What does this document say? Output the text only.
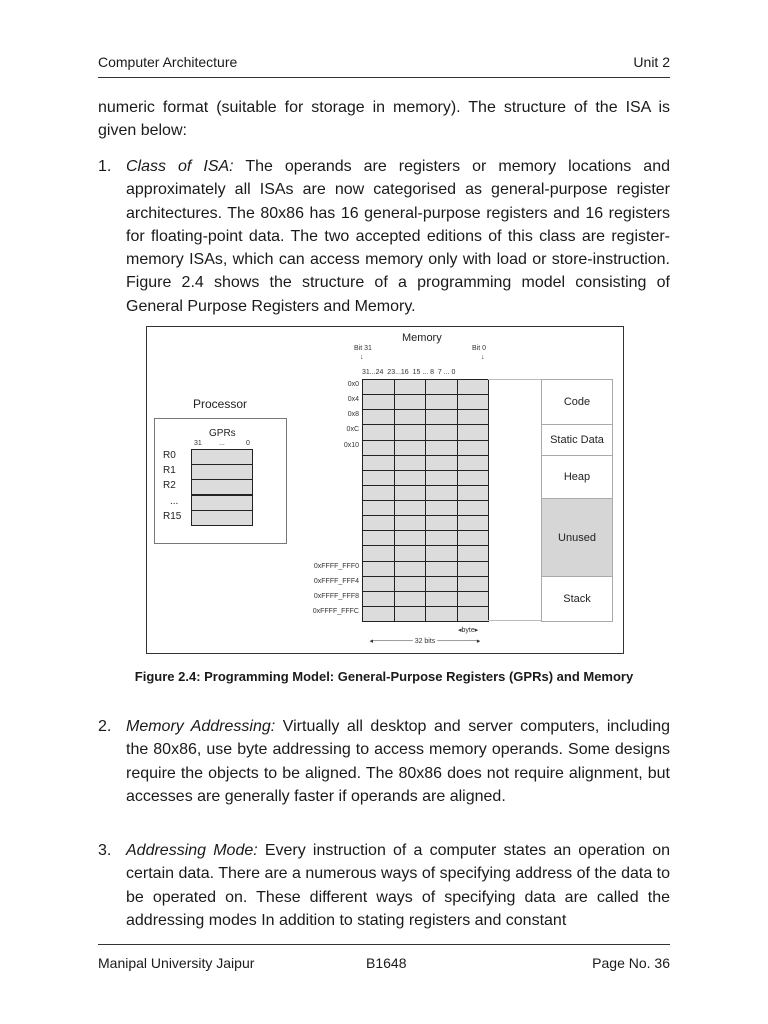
Computer Architecture	Unit 2
numeric format (suitable for storage in memory). The structure of the ISA is given below:
1. Class of ISA: The operands are registers or memory locations and approximately all ISAs are now categorised as general-purpose register architectures. The 80x86 has 16 general-purpose registers and 16 registers for floating-point data. The two accepted editions of this class are register-memory ISAs, which can access memory only with load or store-instruction. Figure 2.4 shows the structure of a programming model consisting of General Purpose Registers and Memory.
Processor
GPRs
31 ...	0
R0
R1
R2
...
R15
Memory
Bit 31	Bit 0
↓	↓
31...24  23...16  15 ... 8  7 ... 0
0x0
0x4
0x8
0xC
0x10
0xFFFF_FFF0
0xFFFF_FFF4
0xFFFF_FFF8
0xFFFF_FFFC
Code
Static Data
Heap
Unused
Stack
◂byte▸
◂──────── 32 bits ────────▸
Figure 2.4: Programming Model: General-Purpose Registers (GPRs) and Memory
2. Memory Addressing: Virtually all desktop and server computers, including the 80x86, use byte addressing to access memory operands. Some designs require the objects to be aligned. The 80x86 does not require alignment, but accesses are generally faster if operands are aligned.
3. Addressing Mode: Every instruction of a computer states an operation on certain data. There are a numerous ways of specifying address of the data to be operated on. These different ways of specifying data are called the addressing modes In addition to stating registers and constant
Manipal University Jaipur	B1648	Page No. 36
